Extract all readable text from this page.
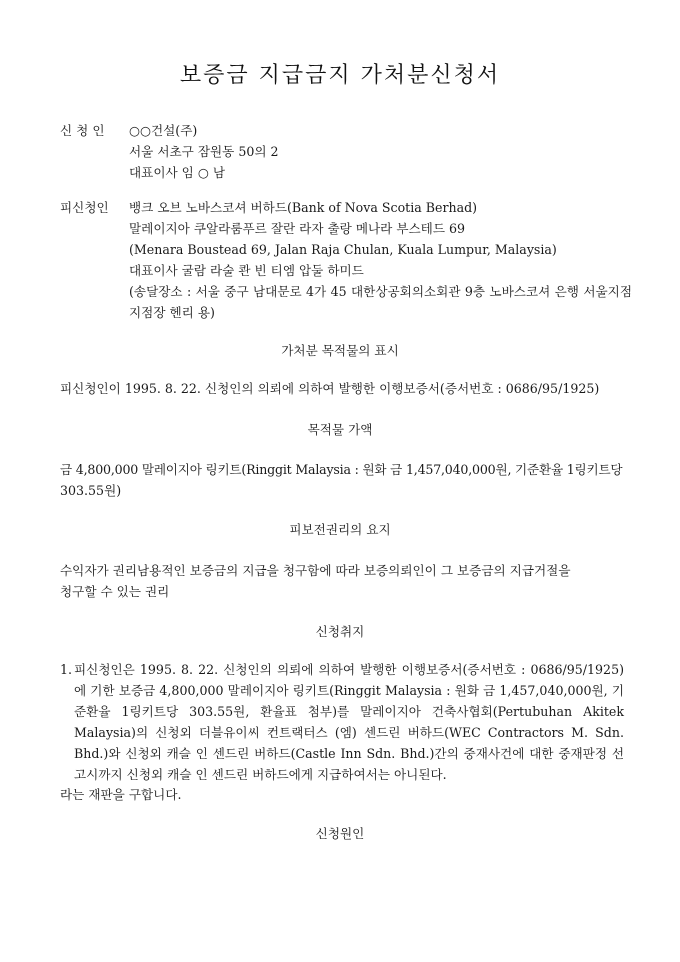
보증금 지급금지 가처분신청서
신 청 인	○○건설(주)
서울 서초구 잠원동 50의 2
대표이사 임 ○ 남
피신청인	뱅크 오브 노바스코셔 버하드(Bank of Nova Scotia Berhad)
말레이지아 쿠알라룸푸르 잘란 라자 출랑 메나라 부스테드 69
(Menara Boustead 69, Jalan Raja Chulan, Kuala Lumpur, Malaysia)
대표이사 굴람 라술 콴 빈 티엠 압둘 하미드
(송달장소 : 서울 중구 남대문로 4가 45 대한상공회의소회관 9층 노바스코셔 은행 서울지점 지점장 헨리 용)
가처분 목적물의 표시
피신청인이 1995. 8. 22. 신청인의 의뢰에 의하여 발행한 이행보증서(증서번호 : 0686/95/1925)
목적물 가액
금 4,800,000 말레이지아 링키트(Ringgit Malaysia : 원화 금 1,457,040,000원, 기준환율 1링키트당
303.55원)
피보전권리의 요지
수익자가 권리남용적인 보증금의 지급을 청구함에 따라 보증의뢰인이 그 보증금의 지급거절을
청구할 수 있는 권리
신청취지
1. 피신청인은 1995. 8. 22. 신청인의 의뢰에 의하여 발행한 이행보증서(증서번호 : 0686/95/1925)에 기한 보증금 4,800,000 말레이지아 링키트(Ringgit Malaysia : 원화 금 1,457,040,000원, 기준환율 1링키트당 303.55원, 환율표 첨부)를 말레이지아 건축사협회(Pertubuhan Akitek Malaysia)의 신청외 더블유이씨 컨트랙터스 (엠) 센드린 버하드(WEC Contractors M. Sdn. Bhd.)와 신청외 캐슬 인 센드린 버하드(Castle Inn Sdn. Bhd.)간의 중재사건에 대한 중재판정 선고시까지 신청외 캐슬 인 센드린 버하드에게 지급하여서는 아니된다.
라는 재판을 구합니다.
신청원인
